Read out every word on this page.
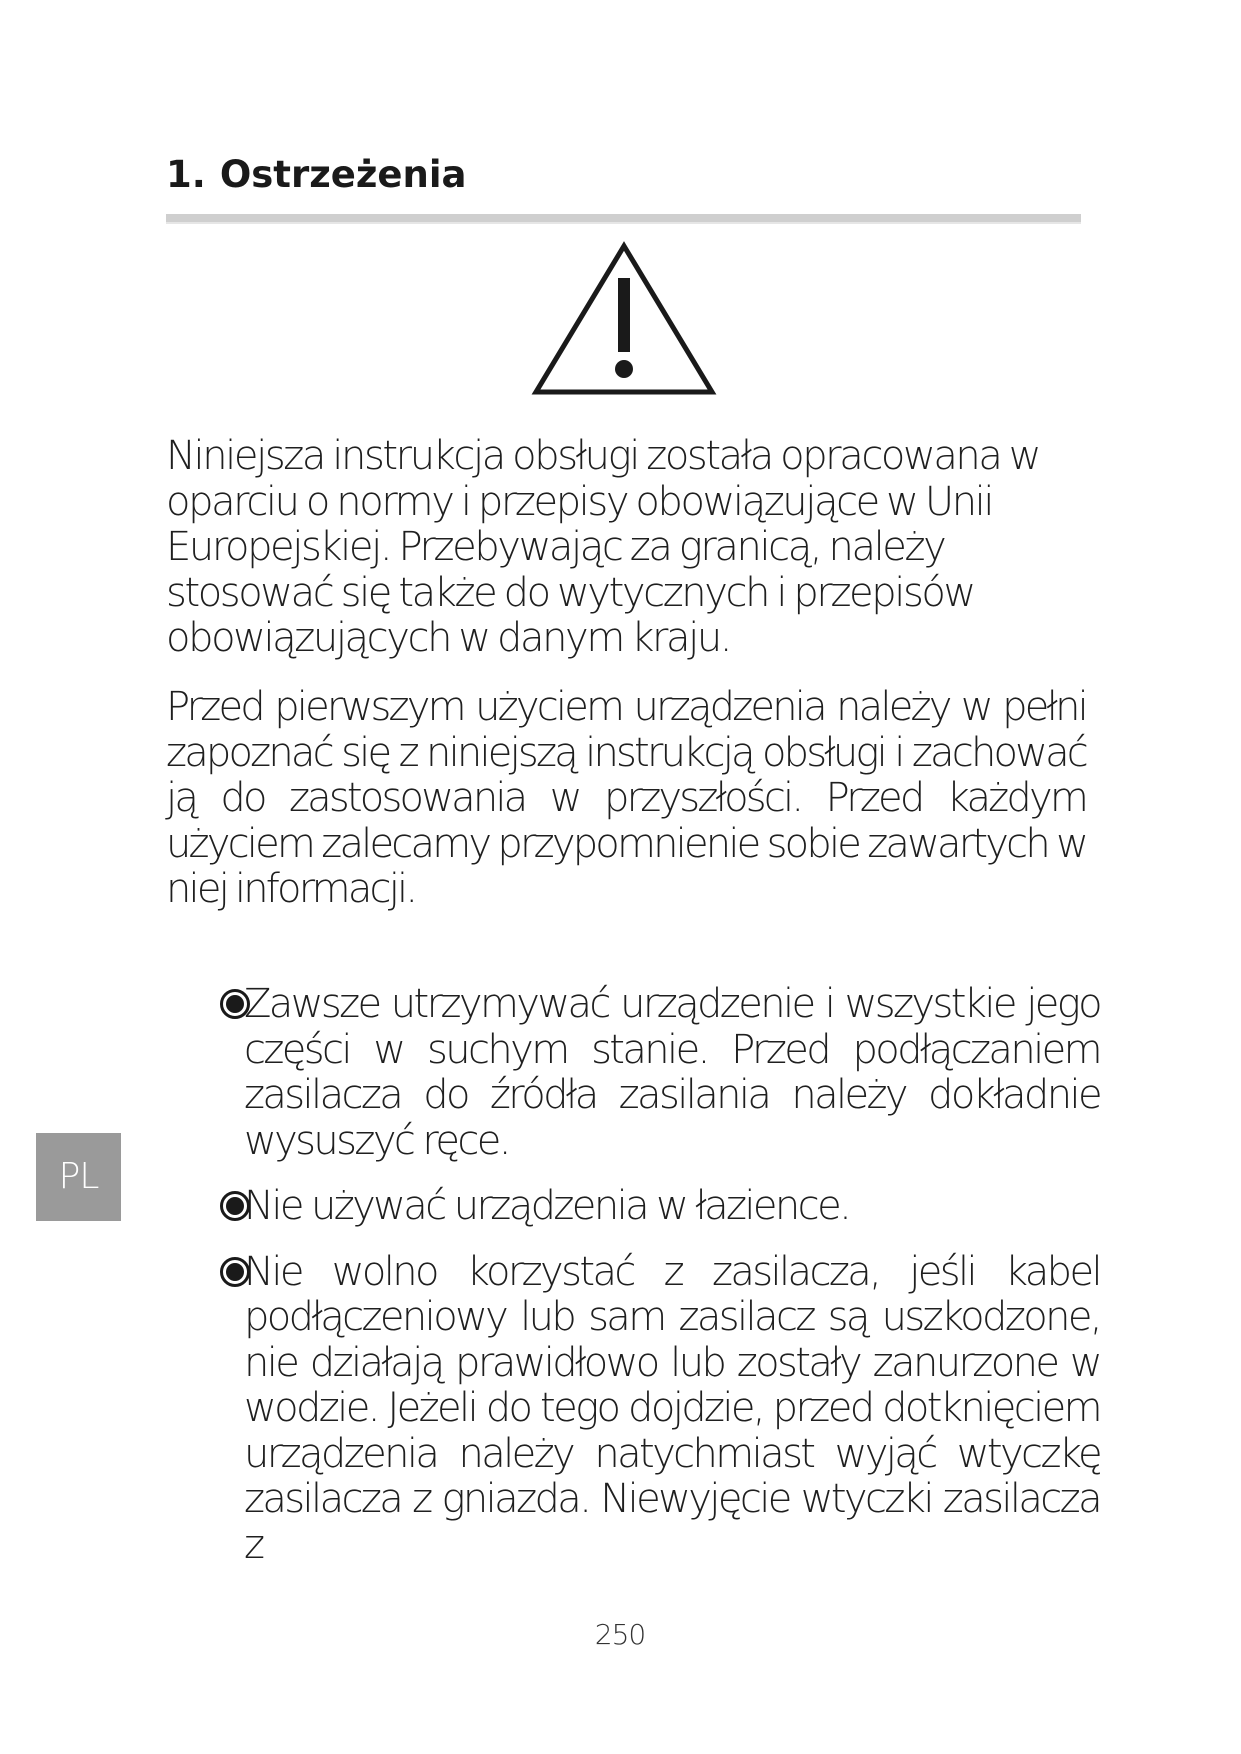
1. Ostrzeżenia

Niniejsza instrukcja obsługi została opracowana w oparciu o normy i przepisy obowiązujące w Unii Europejskiej. Przebywając za granicą, należy stosować się także do wytycznych i przepisów obowiązujących w danym kraju.

Przed pierwszym użyciem urządzenia należy w pełni zapoznać się z niniejszą instrukcją obsługi i zachować ją do zastosowania w przyszłości. Przed każdym użyciem zalecamy przypomnienie sobie zawartych w niej informacji.

Zawsze utrzymywać urządzenie i wszystkie jego części w suchym stanie. Przed podłączaniem zasilacza do źródła zasilania należy dokładnie wysuszyć ręce.
Nie używać urządzenia w łazience.
Nie wolno korzystać z zasilacza, jeśli kabel podłączeniowy lub sam zasilacz są uszkodzone, nie działają prawidłowo lub zostały zanurzone w wodzie. Jeżeli do tego dojdzie, przed dotknięciem urządzenia należy natychmiast wyjąć wtyczkę zasilacza z gniazda. Niewyjęcie wtyczki zasilacza z
PL
250
